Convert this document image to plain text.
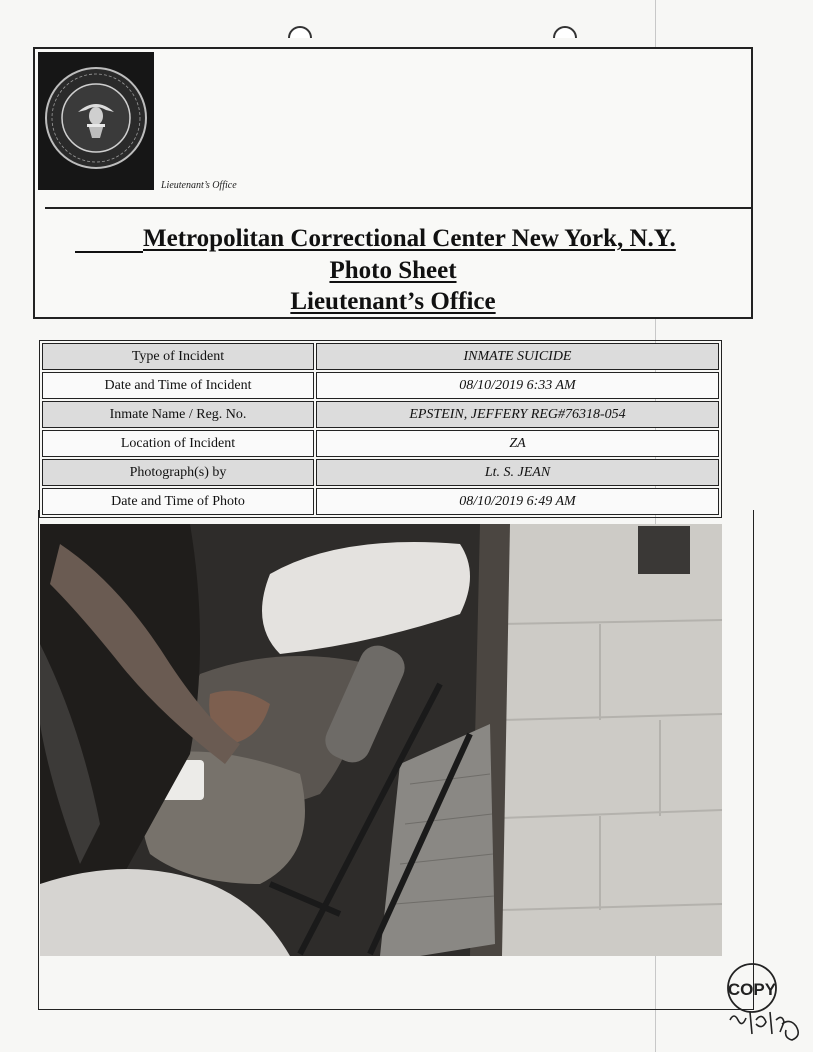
Lieutenant’s Office
Metropolitan Correctional Center New York, N.Y.
Photo Sheet
Lieutenant’s Office
Type of Incident	INMATE SUICIDE
Date and Time of Incident	08/10/2019 6:33 AM
Inmate Name / Reg. No.	EPSTEIN, JEFFERY REG#76318-054
Location of Incident	ZA
Photograph(s) by	Lt. S. JEAN
Date and Time of Photo	08/10/2019 6:49 AM
COPY
